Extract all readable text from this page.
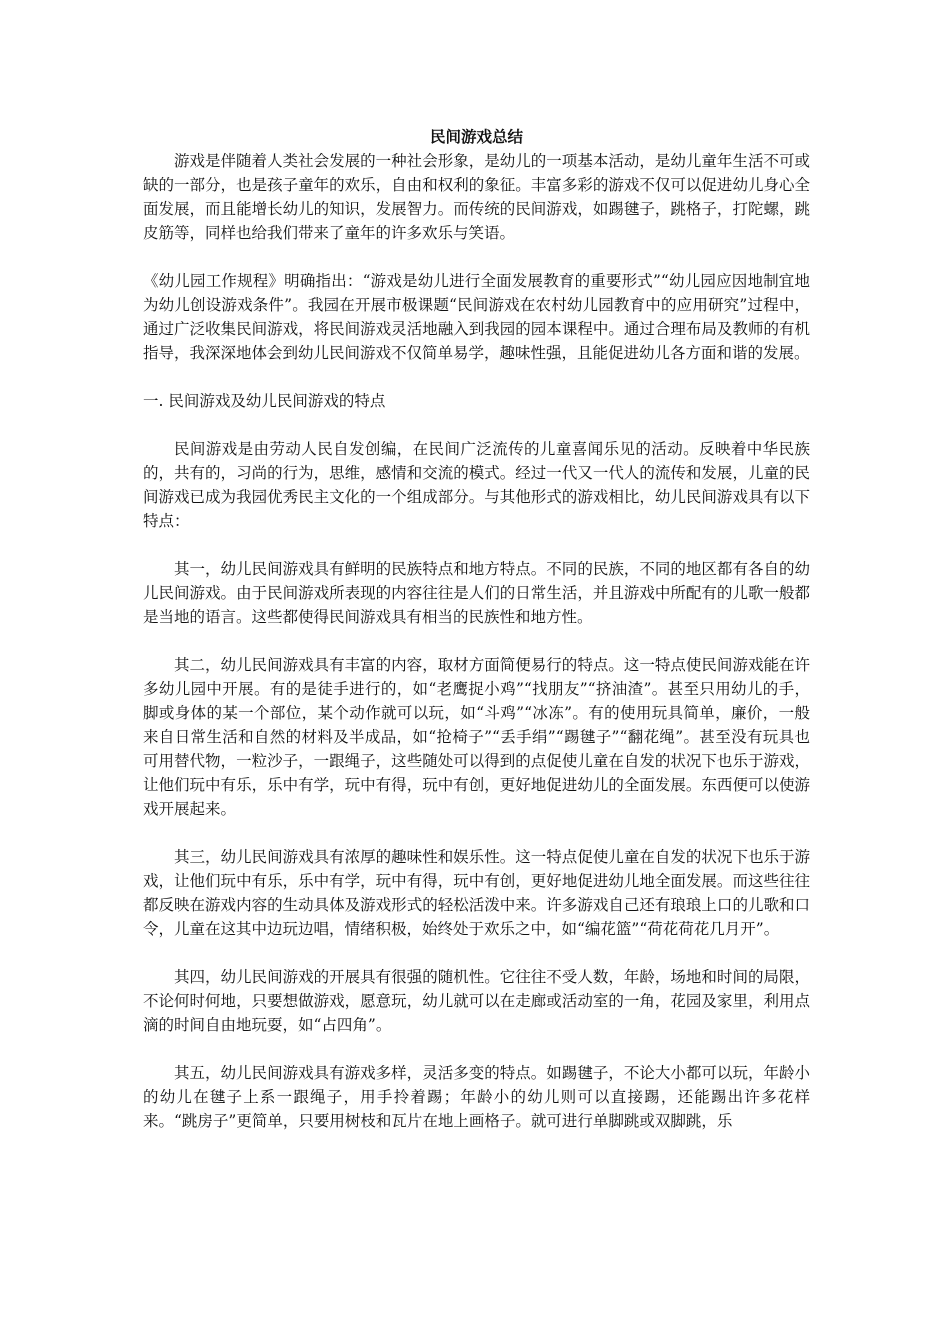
民间游戏总结

游戏是伴随着人类社会发展的一种社会形象，是幼儿的一项基本活动，是幼儿童年生活不可或缺的一部分，也是孩子童年的欢乐，自由和权利的象征。丰富多彩的游戏不仅可以促进幼儿身心全面发展，而且能增长幼儿的知识，发展智力。而传统的民间游戏，如踢毽子，跳格子，打陀螺，跳皮筋等，同样也给我们带来了童年的许多欢乐与笑语。

《幼儿园工作规程》明确指出：“游戏是幼儿进行全面发展教育的重要形式”“幼儿园应因地制宜地为幼儿创设游戏条件”。我园在开展市极课题“民间游戏在农村幼儿园教育中的应用研究”过程中，通过广泛收集民间游戏，将民间游戏灵活地融入到我园的园本课程中。通过合理布局及教师的有机指导，我深深地体会到幼儿民间游戏不仅简单易学，趣味性强，且能促进幼儿各方面和谐的发展。

一. 民间游戏及幼儿民间游戏的特点

民间游戏是由劳动人民自发创编，在民间广泛流传的儿童喜闻乐见的活动。反映着中华民族的，共有的，习尚的行为，思维，感情和交流的模式。经过一代又一代人的流传和发展，儿童的民间游戏已成为我园优秀民主文化的一个组成部分。与其他形式的游戏相比，幼儿民间游戏具有以下特点：

其一，幼儿民间游戏具有鲜明的民族特点和地方特点。不同的民族，不同的地区都有各自的幼儿民间游戏。由于民间游戏所表现的内容往往是人们的日常生活，并且游戏中所配有的儿歌一般都是当地的语言。这些都使得民间游戏具有相当的民族性和地方性。

其二，幼儿民间游戏具有丰富的内容，取材方面简便易行的特点。这一特点使民间游戏能在许多幼儿园中开展。有的是徒手进行的，如“老鹰捉小鸡”“找朋友”“挤油渣”。甚至只用幼儿的手，脚或身体的某一个部位，某个动作就可以玩，如“斗鸡”“冰冻”。有的使用玩具简单，廉价，一般来自日常生活和自然的材料及半成品，如“抢椅子”“丢手绢”“踢毽子”“翻花绳”。甚至没有玩具也可用替代物，一粒沙子，一跟绳子，这些随处可以得到的点促使儿童在自发的状况下也乐于游戏，让他们玩中有乐，乐中有学，玩中有得，玩中有创，更好地促进幼儿的全面发展。东西便可以使游戏开展起来。

其三，幼儿民间游戏具有浓厚的趣味性和娱乐性。这一特点促使儿童在自发的状况下也乐于游戏，让他们玩中有乐，乐中有学，玩中有得，玩中有创，更好地促进幼儿地全面发展。而这些往往都反映在游戏内容的生动具体及游戏形式的轻松活泼中来。许多游戏自己还有琅琅上口的儿歌和口令，儿童在这其中边玩边唱，情绪积极，始终处于欢乐之中，如“编花篮”“荷花荷花几月开”。

其四，幼儿民间游戏的开展具有很强的随机性。它往往不受人数，年龄，场地和时间的局限，不论何时何地，只要想做游戏，愿意玩，幼儿就可以在走廊或活动室的一角，花园及家里，利用点滴的时间自由地玩耍，如“占四角”。

其五，幼儿民间游戏具有游戏多样，灵活多变的特点。如踢毽子，不论大小都可以玩，年龄小的幼儿在毽子上系一跟绳子，用手拎着踢；年龄小的幼儿则可以直接踢，还能踢出许多花样来。“跳房子”更简单，只要用树枝和瓦片在地上画格子。就可进行单脚跳或双脚跳，乐
